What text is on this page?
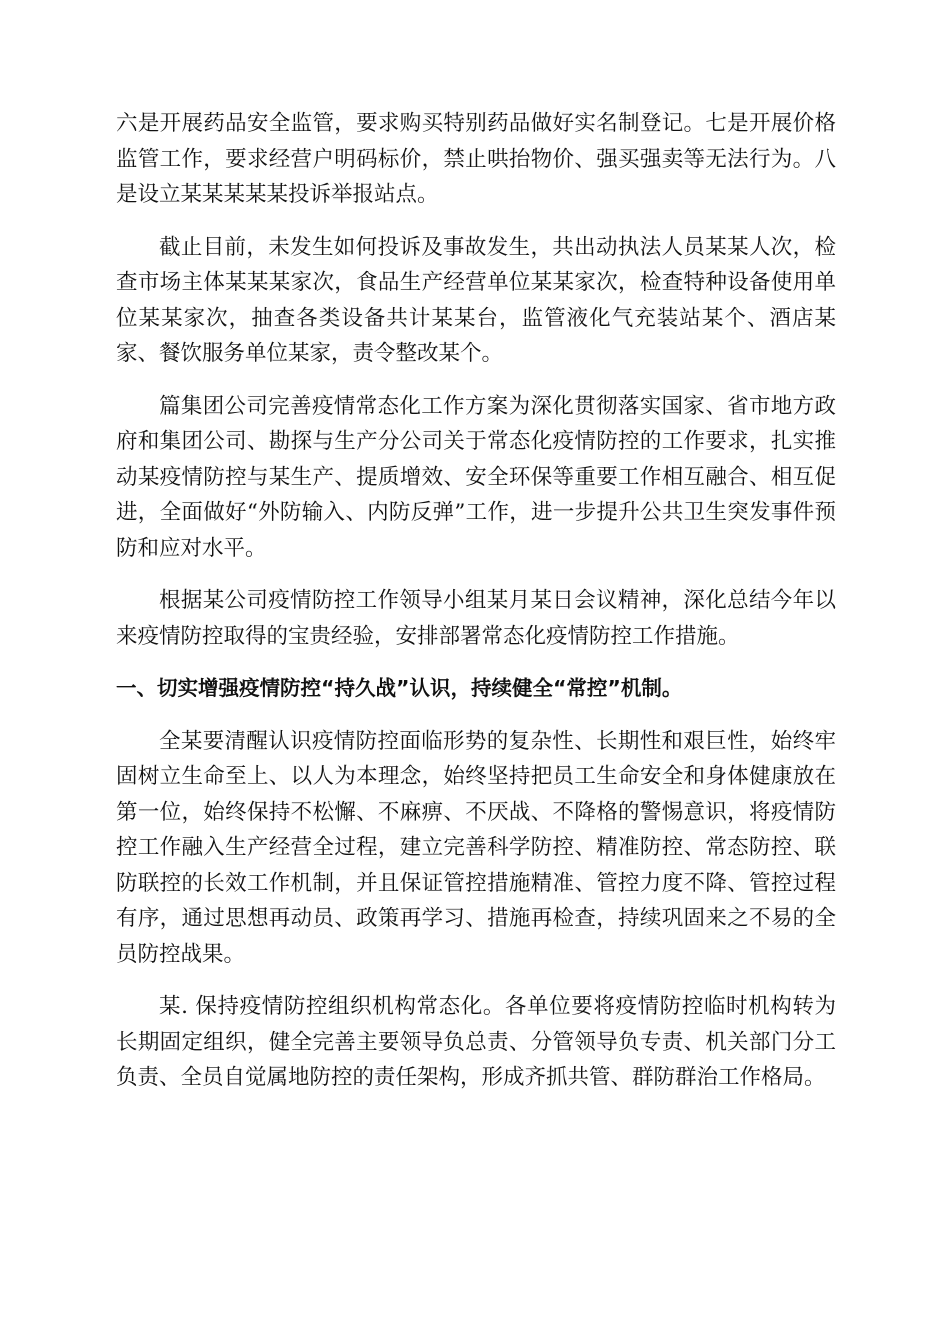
六是开展药品安全监管，要求购买特别药品做好实名制登记。七是开展价格监管工作，要求经营户明码标价，禁止哄抬物价、强买强卖等无法行为。八是设立某某某某某投诉举报站点。

截止目前，未发生如何投诉及事故发生，共出动执法人员某某人次，检查市场主体某某某家次，食品生产经营单位某某家次，检查特种设备使用单位某某家次，抽查各类设备共计某某台，监管液化气充装站某个、酒店某家、餐饮服务单位某家，责令整改某个。

篇集团公司完善疫情常态化工作方案为深化贯彻落实国家、省市地方政府和集团公司、勘探与生产分公司关于常态化疫情防控的工作要求，扎实推动某疫情防控与某生产、提质增效、安全环保等重要工作相互融合、相互促进，全面做好“外防输入、内防反弹”工作，进一步提升公共卫生突发事件预防和应对水平。

根据某公司疫情防控工作领导小组某月某日会议精神，深化总结今年以来疫情防控取得的宝贵经验，安排部署常态化疫情防控工作措施。

一、切实增强疫情防控“持久战”认识，持续健全“常控”机制。

全某要清醒认识疫情防控面临形势的复杂性、长期性和艰巨性，始终牢固树立生命至上、以人为本理念，始终坚持把员工生命安全和身体健康放在第一位，始终保持不松懈、不麻痹、不厌战、不降格的警惕意识，将疫情防控工作融入生产经营全过程，建立完善科学防控、精准防控、常态防控、联防联控的长效工作机制，并且保证管控措施精准、管控力度不降、管控过程有序，通过思想再动员、政策再学习、措施再检查，持续巩固来之不易的全员防控战果。

某. 保持疫情防控组织机构常态化。各单位要将疫情防控临时机构转为长期固定组织，健全完善主要领导负总责、分管领导负专责、机关部门分工负责、全员自觉属地防控的责任架构，形成齐抓共管、群防群治工作格局。
